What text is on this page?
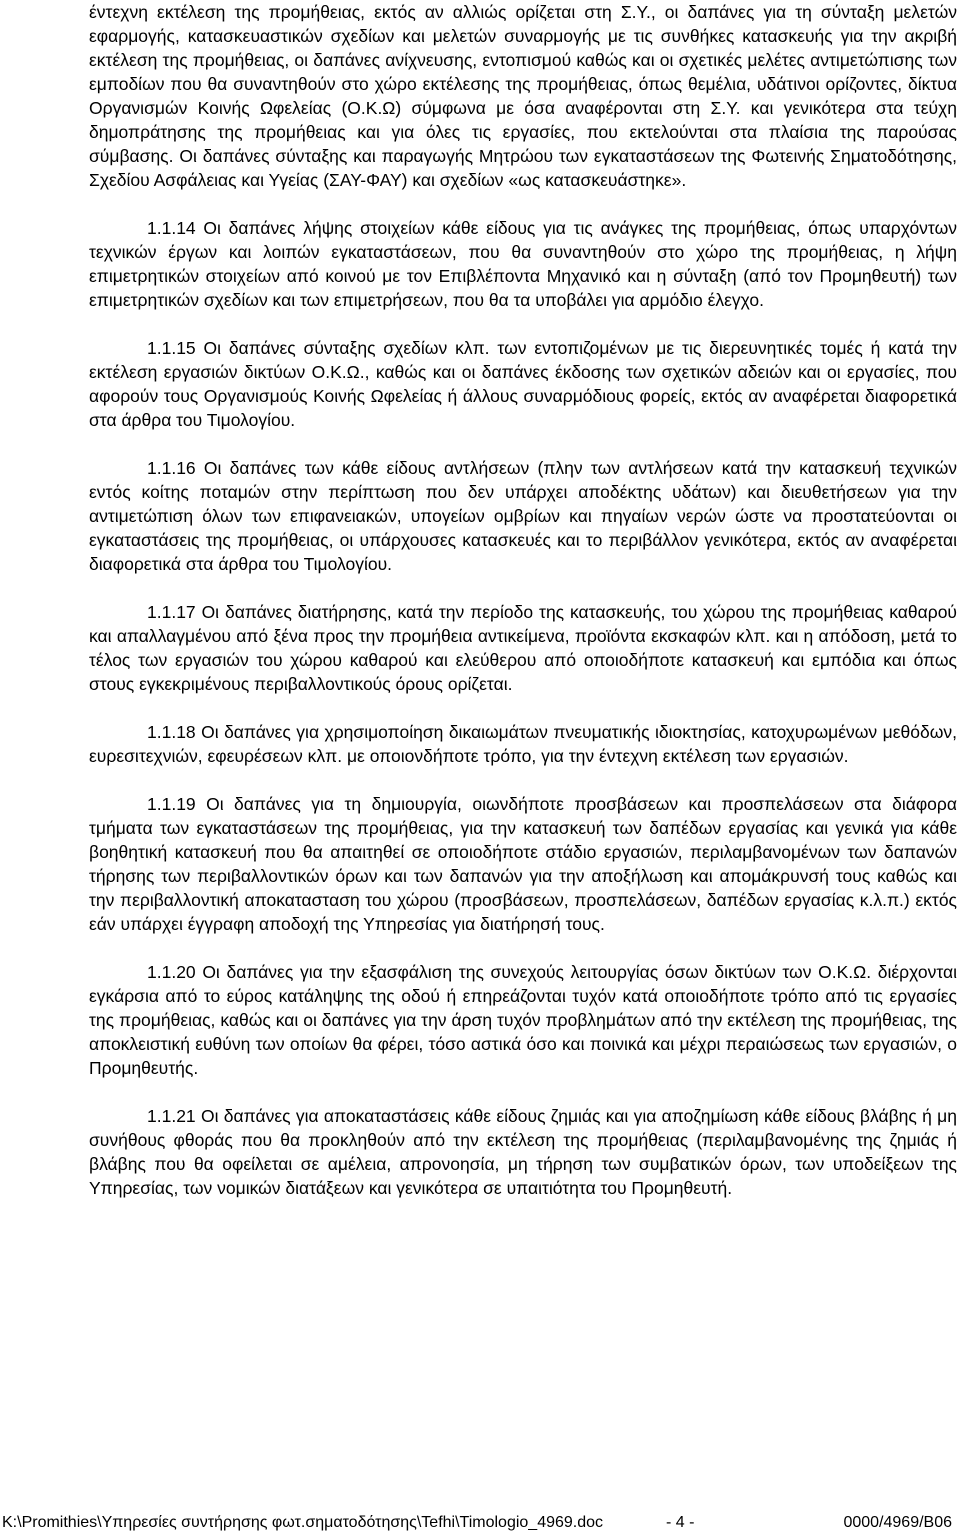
έντεχνη εκτέλεση της προμήθειας, εκτός αν αλλιώς ορίζεται στη Σ.Υ., οι δαπάνες για τη σύνταξη μελετών εφαρμογής, κατασκευαστικών σχεδίων και μελετών συναρμογής με τις συνθήκες κατασκευής για την ακριβή εκτέλεση της προμήθειας, οι δαπάνες ανίχνευσης, εντοπισμού καθώς και οι σχετικές μελέτες αντιμετώπισης των εμποδίων που θα συναντηθούν στο χώρο εκτέλεσης της προμήθειας, όπως θεμέλια, υδάτινοι ορίζοντες, δίκτυα Οργανισμών Κοινής Ωφελείας (Ο.Κ.Ω) σύμφωνα με όσα αναφέρονται στη Σ.Υ. και γενικότερα στα τεύχη δημοπράτησης της προμήθειας και για όλες τις εργασίες, που εκτελούνται στα πλαίσια της παρούσας σύμβασης. Οι δαπάνες σύνταξης και παραγωγής Μητρώου των εγκαταστάσεων της Φωτεινής Σηματοδότησης, Σχεδίου Ασφάλειας και Υγείας (ΣΑΥ-ΦΑΥ) και σχεδίων «ως κατασκευάστηκε».

1.1.14 Οι δαπάνες λήψης στοιχείων κάθε είδους για τις ανάγκες της προμήθειας, όπως υπαρχόντων τεχνικών έργων και λοιπών εγκαταστάσεων, που θα συναντηθούν στο χώρο της προμήθειας, η λήψη επιμετρητικών στοιχείων από κοινού με τον Επιβλέποντα Μηχανικό και η σύνταξη (από τον Προμηθευτή) των επιμετρητικών σχεδίων και των επιμετρήσεων, που θα τα υποβάλει για αρμόδιο έλεγχο.

1.1.15 Οι δαπάνες σύνταξης σχεδίων κλπ. των εντοπιζομένων με τις διερευνητικές τομές ή κατά την εκτέλεση εργασιών δικτύων Ο.Κ.Ω., καθώς και οι δαπάνες έκδοσης των σχετικών αδειών και οι εργασίες, που αφορούν τους Οργανισμούς Κοινής Ωφελείας ή άλλους συναρμόδιους φορείς, εκτός αν αναφέρεται διαφορετικά στα άρθρα του Τιμολογίου.

1.1.16 Οι δαπάνες των κάθε είδους αντλήσεων (πλην των αντλήσεων κατά την κατασκευή τεχνικών εντός κοίτης ποταμών στην περίπτωση που δεν υπάρχει αποδέκτης υδάτων) και διευθετήσεων για την αντιμετώπιση όλων των επιφανειακών, υπογείων ομβρίων και πηγαίων νερών ώστε να προστατεύονται οι εγκαταστάσεις της προμήθειας, οι υπάρχουσες κατασκευές και το περιβάλλον γενικότερα, εκτός αν αναφέρεται διαφορετικά στα άρθρα του Τιμολογίου.

1.1.17 Οι δαπάνες διατήρησης, κατά την περίοδο της κατασκευής, του χώρου της προμήθειας καθαρού και απαλλαγμένου από ξένα προς την προμήθεια αντικείμενα, προϊόντα εκσκαφών κλπ. και η απόδοση, μετά το τέλος των εργασιών του χώρου καθαρού και ελεύθερου από οποιοδήποτε κατασκευή και εμπόδια και όπως στους εγκεκριμένους περιβαλλοντικούς όρους ορίζεται.

1.1.18 Οι δαπάνες για χρησιμοποίηση δικαιωμάτων πνευματικής ιδιοκτησίας, κατοχυρωμένων μεθόδων, ευρεσιτεχνιών, εφευρέσεων κλπ. με οποιονδήποτε τρόπο, για την έντεχνη εκτέλεση των εργασιών.

1.1.19 Οι δαπάνες για τη δημιουργία, οιωνδήποτε προσβάσεων και προσπελάσεων στα διάφορα τμήματα των εγκαταστάσεων της προμήθειας, για την κατασκευή των δαπέδων εργασίας και γενικά για κάθε βοηθητική κατασκευή που θα απαιτηθεί σε οποιοδήποτε στάδιο εργασιών, περιλαμβανομένων των δαπανών τήρησης των περιβαλλοντικών όρων και των δαπανών για την αποξήλωση και απομάκρυνσή τους καθώς και την περιβαλλοντική αποκατασταση του χώρου (προσβάσεων, προσπελάσεων, δαπέδων εργασίας κ.λ.π.) εκτός εάν υπάρχει έγγραφη αποδοχή της Υπηρεσίας για διατήρησή τους.

1.1.20 Οι δαπάνες για την εξασφάλιση της συνεχούς λειτουργίας όσων δικτύων των Ο.Κ.Ω. διέρχονται εγκάρσια από το εύρος κατάληψης της οδού ή επηρεάζονται τυχόν κατά οποιοδήποτε τρόπο από τις εργασίες της προμήθειας, καθώς και οι δαπάνες για την άρση τυχόν προβλημάτων από την εκτέλεση της προμήθειας, της αποκλειστική ευθύνη των οποίων θα φέρει, τόσο αστικά όσο και ποινικά και μέχρι περαιώσεως των εργασιών, ο Προμηθευτής.

1.1.21 Οι δαπάνες για αποκαταστάσεις κάθε είδους ζημιάς και για αποζημίωση κάθε είδους βλάβης ή μη συνήθους φθοράς που θα προκληθούν από την εκτέλεση της προμήθειας (περιλαμβανομένης της ζημιάς ή βλάβης που θα οφείλεται σε αμέλεια, απρονοησία, μη τήρηση των συμβατικών όρων, των υποδείξεων της Υπηρεσίας, των νομικών διατάξεων και γενικότερα σε υπαιτιότητα του Προμηθευτή.

K:\Promithies\Υπηρεσίες συντήρησης φωτ.σηματοδότησης\Tefhi\Timologio_4969.doc	- 4 -	0000/4969/B06
